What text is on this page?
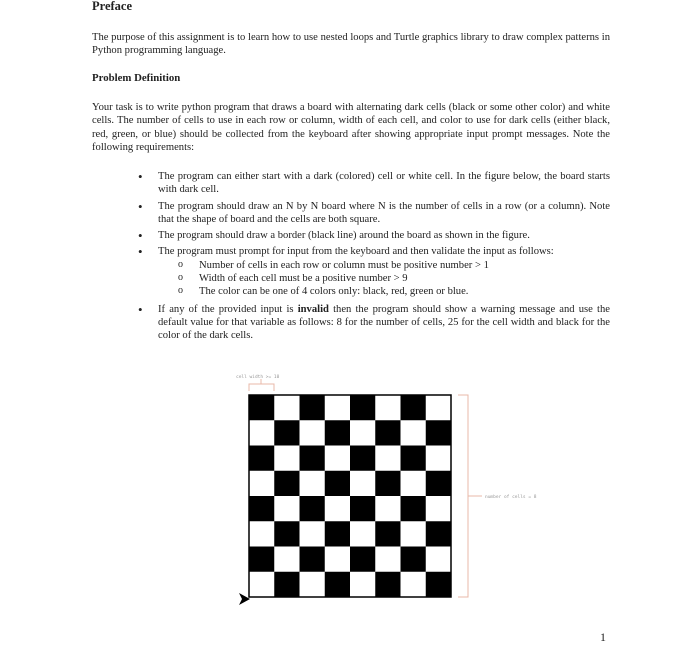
Preface

The purpose of this assignment is to learn how to use nested loops and Turtle graphics library to draw complex patterns in Python programming language.

Problem Definition

Your task is to write python program that draws a board with alternating dark cells (black or some other color) and white cells. The number of cells to use in each row or column, width of each cell, and color to use for dark cells (either black, red, green, or blue) should be collected from the keyboard after showing appropriate input prompt messages. Note the following requirements:

• The program can either start with a dark (colored) cell or white cell. In the figure below, the board starts with dark cell.
• The program should draw an N by N board where N is the number of cells in a row (or a column). Note that the shape of board and the cells are both square.
• The program should draw a border (black line) around the board as shown in the figure.
• The program must prompt for input from the keyboard and then validate the input as follows:
o Number of cells in each row or column must be positive number > 1
o Width of each cell must be a positive number > 9
o The color can be one of 4 colors only: black, red, green or blue.
• If any of the provided input is invalid then the program should show a warning message and use the default value for that variable as follows: 8 for the number of cells, 25 for the cell width and black for the color of the dark cells.
cell width >= 10
number of cells = 8
1
